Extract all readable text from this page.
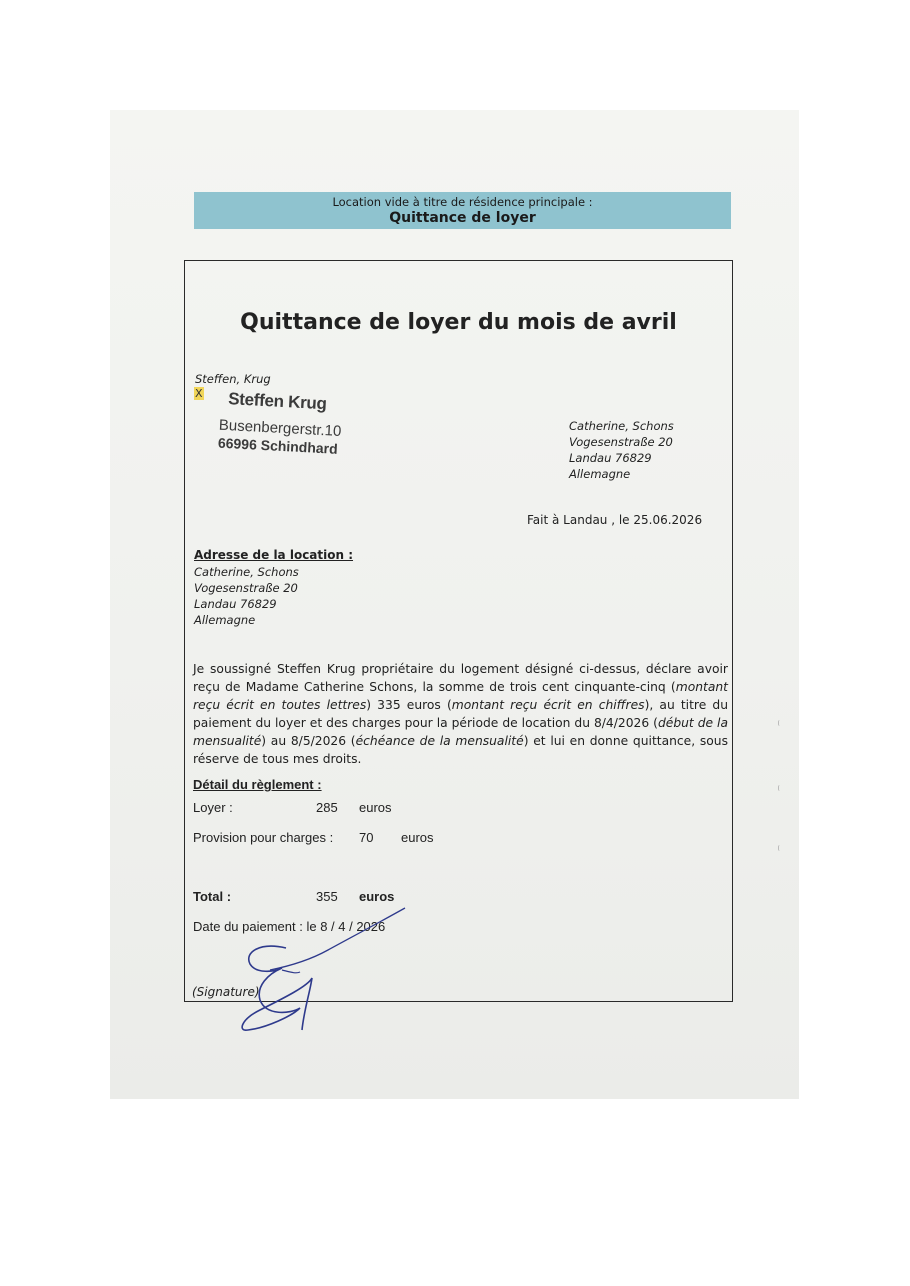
Location vide à titre de résidence principale :
Quittance de loyer
Quittance de loyer du mois de avril
Steffen, Krug
X Steffen Krug
Busenbergerstr.10
66996 Schindhard
Catherine, Schons
Vogesenstraße 20
Landau 76829
Allemagne
Fait à Landau , le 25.06.2026
Adresse de la location :
Catherine, Schons
Vogesenstraße 20
Landau 76829
Allemagne
Je soussigné Steffen Krug propriétaire du logement désigné ci-dessus, déclare avoir reçu de Madame Catherine Schons, la somme de trois cent cinquante-cinq (montant reçu écrit en toutes lettres) 335 euros (montant reçu écrit en chiffres), au titre du paiement du loyer et des charges pour la période de location du 8/4/2026 (début de la mensualité) au 8/5/2026 (échéance de la mensualité) et lui en donne quittance, sous réserve de tous mes droits.
Détail du règlement :
Loyer :	285 euros
Provision pour charges : 70 euros
Total :	355 euros
Date du paiement : le 8 / 4 / 2026
(Signature)
